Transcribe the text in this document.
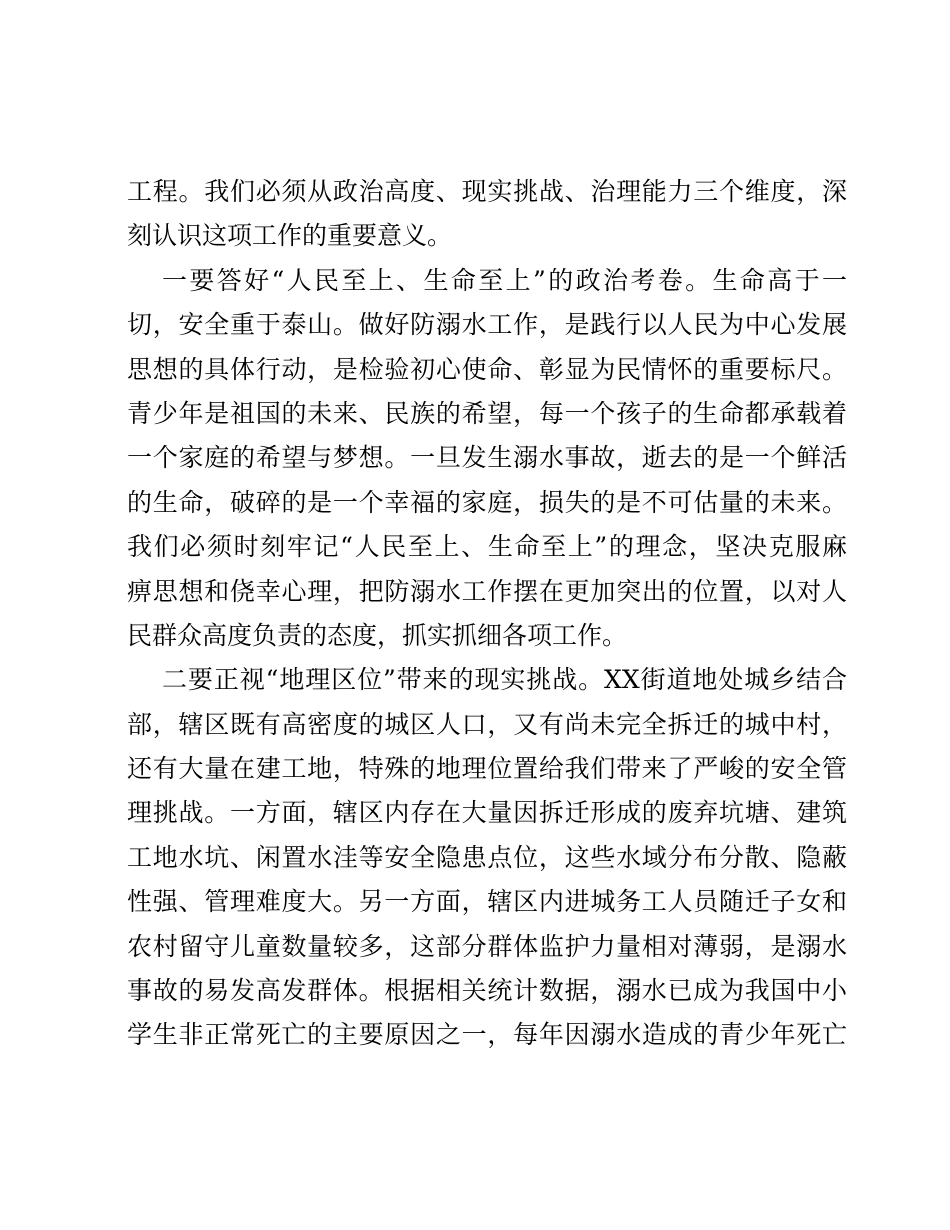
工程。我们必须从政治高度、现实挑战、治理能力三个维度，深
刻认识这项工作的重要意义。
一要答好“人民至上、生命至上”的政治考卷。生命高于一
切，安全重于泰山。做好防溺水工作，是践行以人民为中心发展
思想的具体行动，是检验初心使命、彰显为民情怀的重要标尺。
青少年是祖国的未来、民族的希望，每一个孩子的生命都承载着
一个家庭的希望与梦想。一旦发生溺水事故，逝去的是一个鲜活
的生命，破碎的是一个幸福的家庭，损失的是不可估量的未来。
我们必须时刻牢记“人民至上、生命至上”的理念，坚决克服麻
痹思想和侥幸心理，把防溺水工作摆在更加突出的位置，以对人
民群众高度负责的态度，抓实抓细各项工作。
二要正视“地理区位”带来的现实挑战。XX街道地处城乡结合
部，辖区既有高密度的城区人口，又有尚未完全拆迁的城中村，
还有大量在建工地，特殊的地理位置给我们带来了严峻的安全管
理挑战。一方面，辖区内存在大量因拆迁形成的废弃坑塘、建筑
工地水坑、闲置水洼等安全隐患点位，这些水域分布分散、隐蔽
性强、管理难度大。另一方面，辖区内进城务工人员随迁子女和
农村留守儿童数量较多，这部分群体监护力量相对薄弱，是溺水
事故的易发高发群体。根据相关统计数据，溺水已成为我国中小
学生非正常死亡的主要原因之一，每年因溺水造成的青少年死亡
